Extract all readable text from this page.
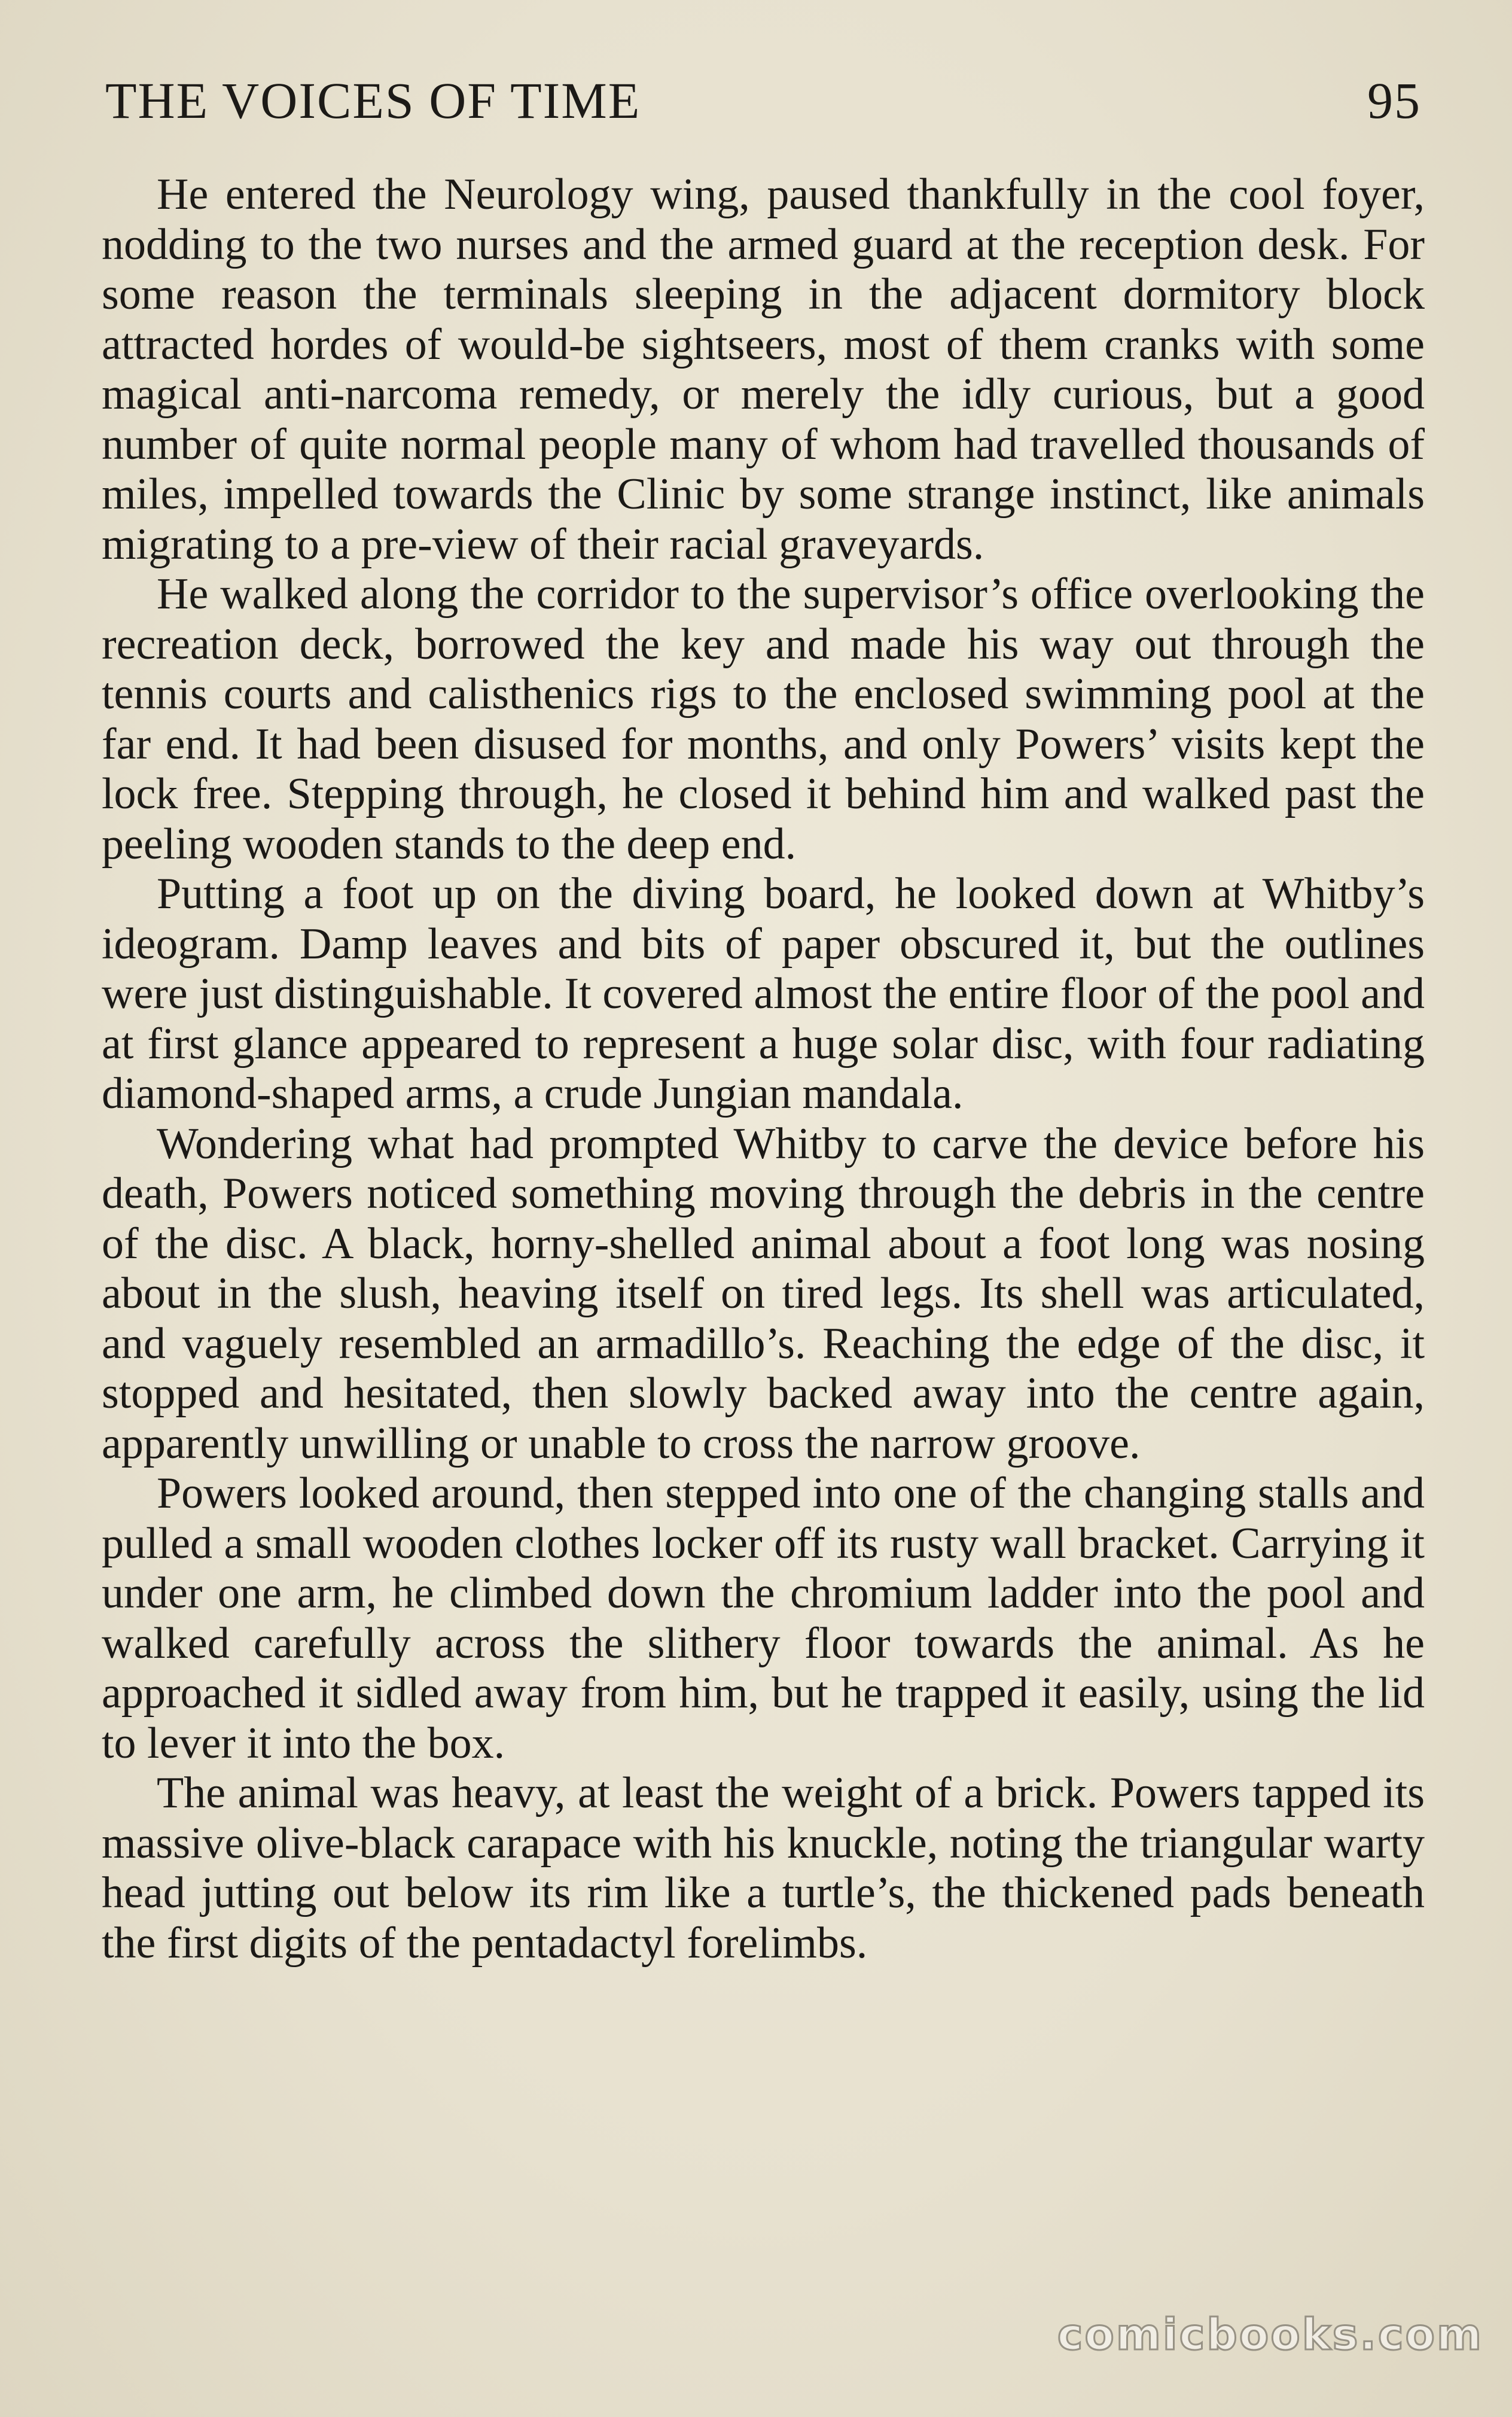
THE VOICES OF TIME	95

He entered the Neurology wing, paused thankfully in the cool foyer, nodding to the two nurses and the armed guard at the reception desk. For some reason the terminals sleeping in the adjacent dormitory block attracted hordes of would-be sightseers, most of them cranks with some magical anti-narcoma remedy, or merely the idly curious, but a good number of quite normal people many of whom had travelled thousands of miles, impelled towards the Clinic by some strange instinct, like animals migrating to a pre-view of their racial graveyards.

He walked along the corridor to the supervisor’s office overlooking the recreation deck, borrowed the key and made his way out through the tennis courts and calisthenics rigs to the enclosed swimming pool at the far end. It had been disused for months, and only Powers’ visits kept the lock free. Stepping through, he closed it behind him and walked past the peeling wooden stands to the deep end.

Putting a foot up on the diving board, he looked down at Whitby’s ideogram. Damp leaves and bits of paper obscured it, but the outlines were just distinguishable. It covered almost the entire floor of the pool and at first glance appeared to represent a huge solar disc, with four radiating diamond-shaped arms, a crude Jungian mandala.

Wondering what had prompted Whitby to carve the device before his death, Powers noticed something moving through the debris in the centre of the disc. A black, horny-shelled animal about a foot long was nosing about in the slush, heaving itself on tired legs. Its shell was articulated, and vaguely resembled an armadillo’s. Reaching the edge of the disc, it stopped and hesitated, then slowly backed away into the centre again, apparently unwilling or unable to cross the narrow groove.

Powers looked around, then stepped into one of the changing stalls and pulled a small wooden clothes locker off its rusty wall bracket. Carrying it under one arm, he climbed down the chromium ladder into the pool and walked carefully across the slithery floor towards the animal. As he approached it sidled away from him, but he trapped it easily, using the lid to lever it into the box.

The animal was heavy, at least the weight of a brick. Powers tapped its massive olive-black carapace with his knuckle, noting the triangular warty head jutting out below its rim like a turtle’s, the thickened pads beneath the first digits of the pentadactyl forelimbs.

comicbooks.com
